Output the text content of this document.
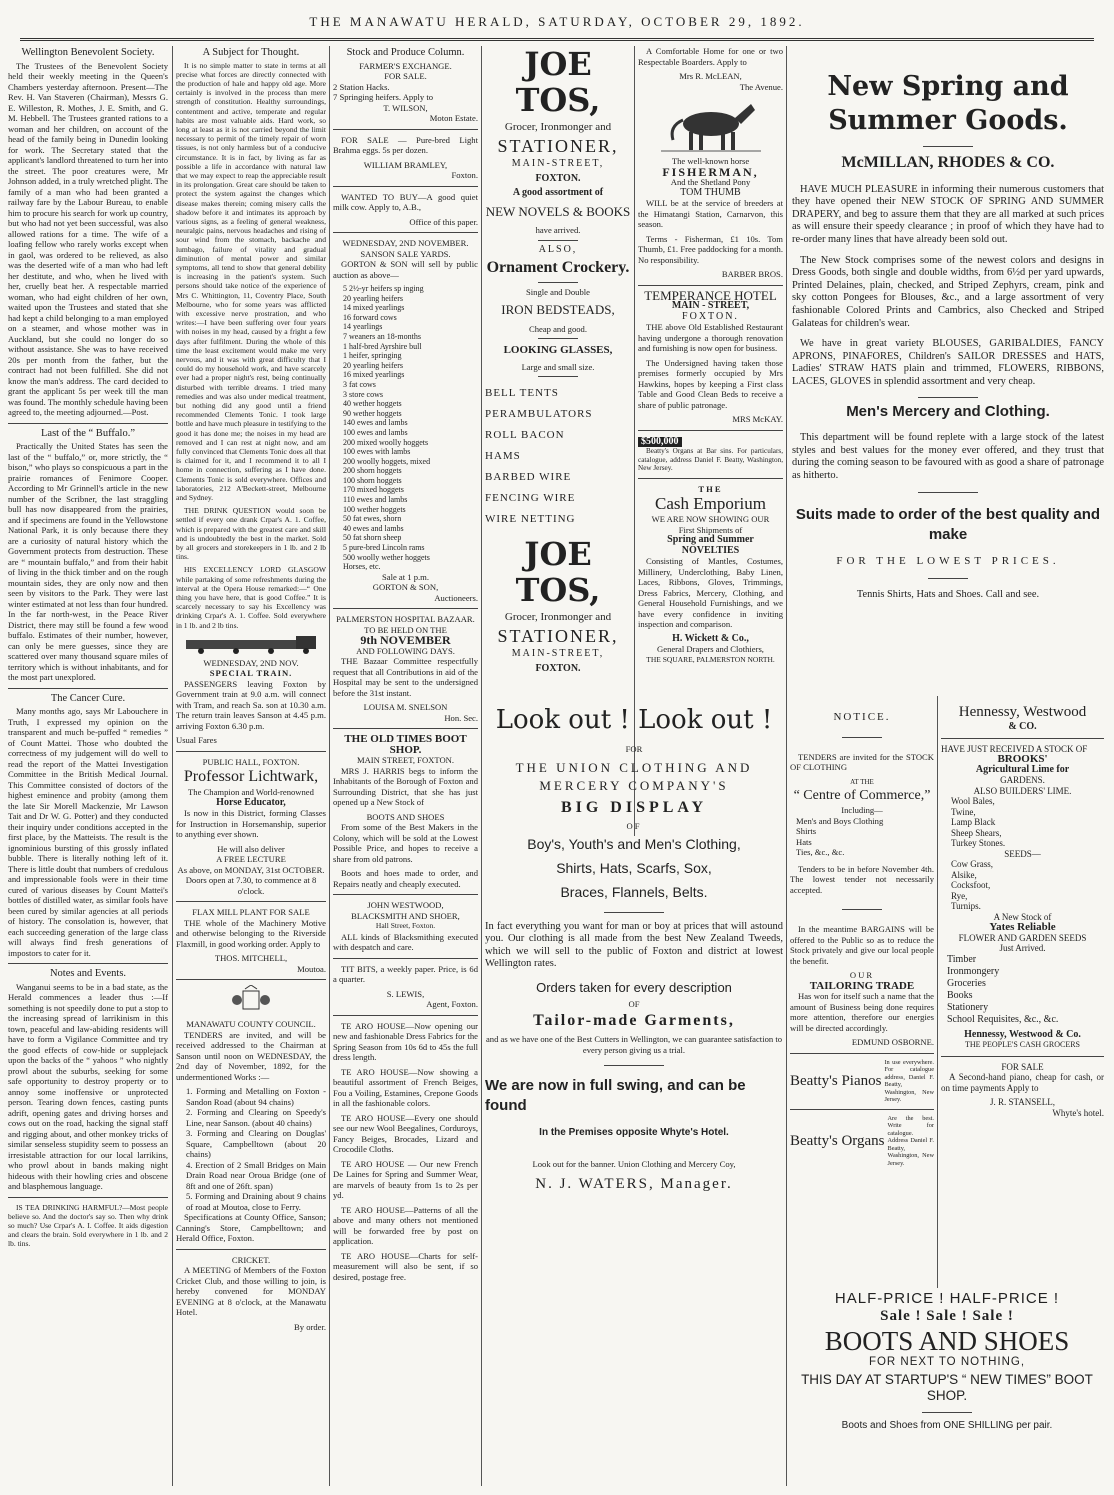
THE MANAWATU HERALD, SATURDAY, OCTOBER 29, 1892.
Wellington Benevolent Society.

The Trustees of the Benevolent Society held their weekly meeting in the Queen's Chambers yesterday afternoon. Present—The Rev. H. Van Staveren (Chairman), Messrs G. E. Willeston, R. Mothes, J. E. Smith, and G. M. Hebbell. The Trustees granted rations to a woman and her children, on account of the head of the family being in Dunedin looking for work. The Secretary stated that the applicant's landlord threatened to turn her into the street. The poor creatures were, Mr Johnson added, in a truly wretched plight. The family of a man who had been granted a railway fare by the Labour Bureau, to enable him to procure his search for work up country, but who had not yet been successful, was also allowed rations for a time. The wife of a loafing fellow who rarely works except when in gaol, was ordered to be relieved, as also was the deserted wife of a man who had left her destitute, and who, when he lived with her, cruelly beat her. A respectable married woman, who had eight children of her own, waited upon the Trustees and stated that she had kept a child belonging to a man employed on a steamer, and whose mother was in Auckland, but she could no longer do so without assistance. She was to have received 20s per month from the father, but the contract had not been fulfilled. She did not know the man's address. The card decided to grant the applicant 5s per week till the man was found. The monthly schedule having been agreed to, the meeting adjourned.—Post.

Last of the “ Buffalo.”

Practically the United States has seen the last of the “ buffalo,” or, more strictly, the “ bison,” who plays so conspicuous a part in the prairie romances of Fenimore Cooper. According to Mr Grinnell's article in the new number of the Scribner, the last straggling bull has now disappeared from the prairies, and if specimens are found in the Yellowstone National Park, it is only because there they are a curiosity of natural history which the Government protects from destruction. These are “ mountain buffalo,” and from their habit of living in the thick timber and on the rough mountain sides, they are only now and then seen by visitors to the Park. They were last winter estimated at not less than four hundred. In the far north-west, in the Peace River District, there may still be found a few wood buffalo. Estimates of their number, however, can only be mere guesses, since they are scattered over many thousand square miles of territory which is without inhabitants, and for the most part unexplored.

The Cancer Cure.

Many months ago, says Mr Labouchere in Truth, I expressed my opinion on the transparent and much be-puffed “ remedies ” of Count Mattei. Those who doubted the correctness of my judgement will do well to read the report of the Mattei Investigation Committee in the British Medical Journal. This Committee consisted of doctors of the highest eminence and probity (among them the late Sir Morell Mackenzie, Mr Lawson Tait and Dr W. G. Potter) and they conducted their inquiry under conditions accepted in the first place, by the Matteists. The result is the ignominious bursting of this grossly inflated bubble. There is literally nothing left of it. There is little doubt that numbers of credulous and impressionable fools were in their time cured of various diseases by Count Mattei's bottles of distilled water, as similar fools have been cured by similar agencies at all periods of history. The consolation is, however, that each succeeding generation of the large class will always find fresh generations of impostors to cater for it.

Notes and Events.

Wanganui seems to be in a bad state, as the Herald commences a leader thus :—If something is not speedily done to put a stop to the increasing spread of larrikinism in this town, peaceful and law-abiding residents will have to form a Vigilance Committee and try the good effects of cow-hide or supplejack upon the backs of the “ yahoos ” who nightly prowl about the suburbs, seeking for some safe opportunity to destroy property or to annoy some inoffensive or unprotected person. Tearing down fences, casting punts adrift, opening gates and driving horses and cows out on the road, hacking the signal staff and rigging about, and other monkey tricks of similar senseless stupidity seem to possess an irresistable attraction for our local larrikins, who prowl about in bands making night hideous with their howling cries and obscene and blasphemous language.

IS TEA DRINKING HARMFUL?—Most people believe so. And the doctor's say so. Then why drink so much? Use Crpar's A. I. Coffee. It aids digestion and clears the brain. Sold everywhere in 1 lb. and 2 lb. tins.

A Subject for Thought.

It is no simple matter to state in terms at all precise what forces are directly connected with the production of hale and happy old age. More certainly is involved in the process than mere strength of constitution. Healthy surroundings, contentment and active, temperate and regular habits are most valuable aids. Hard work, so long at least as it is not carried beyond the limit necessary to permit of the timely repair of worn tissues, is not only harmless but of a conducive circumstance. It is in fact, by living as far as possible a life in accordance with natural law that we may expect to reap the appreciable result in its prolongation. Great care should be taken to protect the system against the changes which disease makes therein; coming misery calls the shadow before it and intimates its approach by various signs, as a feeling of general weakness, neuralgic pains, nervous headaches and rising of sour wind from the stomach, backache and lumbago, failure of vitality and gradual diminution of mental power and similar symptoms, all tend to show that general debility is increasing in the patient's system. Such persons should take notice of the experience of Mrs C. Whittington, 11, Coventry Place, South Melbourne, who for some years was afflicted with excessive nerve prostration, and who writes:—I have been suffering over four years with noises in my head, caused by a fright a few days after fulfilment. During the whole of this time the least excitement would make me very nervous, and it was with great difficulty that I could do my household work, and have scarcely ever had a proper night's rest, being continually disturbed with terrible dreams. I tried many remedies and was also under medical treatment, but nothing did any good until a friend recommended Clements Tonic. I took large bottle and have much pleasure in testifying to the good it has done me; the noises in my head are removed and I can rest at night now, and am fully convinced that Clements Tonic does all that is claimed for it, and I recommend it to all I home in connection, suffering as I have done. Clements Tonic is sold everywhere. Offices and laboratories, 212 A'Beckett-street, Melbourne and Sydney.

THE DRINK QUESTION would soon be settled if every one drank Crpar's A. 1. Coffee, which is prepared with the greatest care and skill and is undoubtedly the best in the market. Sold by all grocers and storekeepers in 1 lb. and 2 lb tins.

HIS EXCELLENCY LORD GLASGOW while partaking of some refreshments during the interval at the Opera House remarked:—“ One thing you have here, that is good Coffee.” It is scarcely necessary to say his Excellency was drinking Crpar's A. 1. Coffee. Sold everywhere in 1 lb. and 2 lb tins.

WEDNESDAY, 2ND NOV.
SPECIAL TRAIN.

PASSENGERS leaving Foxton by Government train at 9.0 a.m. will connect with Tram, and reach Sa. son at 10.30 a.m. The return train leaves Sanson at 4.45 p.m. arriving Foxton 6.30 p.m.

Usual Fares
PUBLIC HALL, FOXTON.
Professor Lichtwark,
The Champion and World-renowned
Horse Educator,

Is now in this District, forming Classes for Instruction in Horsemanship, superior to anything ever shown.

He will also deliver
A FREE LECTURE
As above, on MONDAY, 31st OCTOBER.
Doors open at 7.30, to commence at 8 o'clock.
FLAX MILL PLANT FOR SALE

THE whole of the Machinery Motive and otherwise belonging to the Riverside Flaxmill, in good working order. Apply to

THOS. MITCHELL,
Moutoa.
MANAWATU COUNTY COUNCIL.

TENDERS are invited, and will be received addressed to the Chairman at Sanson until noon on WEDNESDAY, the 2nd day of November, 1892, for the undermentioned Works :—

1. Forming and Metalling on Foxton - Sandon Road (about 94 chains)
2. Forming and Clearing on Speedy's Line, near Sanson. (about 40 chains)
3. Forming and Clearing on Douglas' Square, Campbelltown (about 20 chains)
4. Erection of 2 Small Bridges on Main Drain Road near Oroua Bridge (one of 8ft and one of 26ft. span)
5. Forming and Draining about 9 chains of road at Moutoa, close to Ferry.

Specifications at County Office, Sanson; Canning's Store, Campbelltown; and Herald Office, Foxton.

CRICKET.

A MEETING of Members of the Foxton Cricket Club, and those willing to join, is hereby convened for MONDAY EVENING at 8 o'clock, at the Manawatu Hotel.

By order.
Stock and Produce Column.
FARMER'S EXCHANGE.
FOR SALE.
2 Station Hacks.
7 Springing heifers. Apply to
T. WILSON,
Moton Estate.

FOR SALE — Pure-bred Light Brahma eggs. 5s per dozen.

WILLIAM BRAMLEY,
Foxton.

WANTED TO BUY—A good quiet milk cow. Apply to, A.B.,

Office of this paper.
WEDNESDAY, 2ND NOVEMBER.
SANSON SALE YARDS.

GORTON & SON will sell by public auction as above—

5 2½-yr heifers sp inging
20 yearling heifers
14 mixed yearlings
16 forward cows
14 yearlings
7 weaners an 18-months
1 half-bred Ayrshire bull
1 heifer, springing
20 yearling heifers
16 mixed yearlings
3 fat cows
3 store cows
40 wether hoggets
90 wether hoggets
140 ewes and lambs
100 ewes and lambs
200 mixed woolly hoggets
100 ewes with lambs
200 woolly hoggets, mixed
200 shorn hoggets
100 shorn hoggets
170 mixed hoggets
110 ewes and lambs
100 wether hoggets
50 fat ewes, shorn
40 ewes and lambs
50 fat shorn sheep
5 pure-bred Lincoln rams
500 woolly wether hoggets
Horses, etc.
Sale at 1 p.m.
GORTON & SON,
Auctioneers.
PALMERSTON HOSPITAL BAZAAR.
TO BE HELD ON THE
9th NOVEMBER
AND FOLLOWING DAYS.

THE Bazaar Committee respectfully request that all Contributions in aid of the Hospital may be sent to the undersigned before the 31st instant.

LOUISA M. SNELSON
Hon. Sec.
THE OLD TIMES BOOT SHOP.
MAIN STREET, FOXTON.

MRS J. HARRIS begs to inform the Inhabitants of the Borough of Foxton and Surrounding District, that she has just opened up a New Stock of

BOOTS AND SHOES

From some of the Best Makers in the Colony, which will be sold at the Lowest Possible Price, and hopes to receive a share from old patrons.

Boots and hoes made to order, and Repairs neatly and cheaply executed.

JOHN WESTWOOD,
BLACKSMITH AND SHOER,
Hall Street, Foxton.

ALL kinds of Blacksmithing executed with despatch and care.

TIT BITS, a weekly paper. Price, is 6d a quarter.

S. LEWIS,
Agent, Foxton.

TE ARO HOUSE—Now opening our new and fashionable Dress Fabrics for the Spring Season from 10s 6d to 45s the full dress length.

TE ARO HOUSE—Now showing a beautiful assortment of French Beiges, Fou a Voiling, Estamines, Crepone Goods in all the fashionable colors.

TE ARO HOUSE—Every one should see our new Wool Beegalines, Corduroys, Fancy Beiges, Brocades, Lizard and Crocodile Cloths.

TE ARO HOUSE — Our new French De Laines for Spring and Summer Wear, are marvels of beauty from 1s to 2s per yd.

TE ARO HOUSE—Patterns of all the above and many others not mentioned will be forwarded free by post on application.

TE ARO HOUSE—Charts for self-measurement will also be sent, if so desired, postage free.

JOE TOS,
Grocer, Ironmonger and
STATIONER,
MAIN-STREET,
FOXTON.
A good assortment of
NEW NOVELS & BOOKS
have arrived.
ALSO,
Ornament Crockery.
Single and Double
IRON BEDSTEADS,
Cheap and good.
LOOKING GLASSES,
Large and small size.
BELL TENTS
PERAMBULATORS
ROLL BACON
HAMS
BARBED WIRE
FENCING WIRE
WIRE NETTING
JOE TOS,
Grocer, Ironmonger and
STATIONER,
MAIN-STREET,
FOXTON.

A Comfortable Home for one or two Respectable Boarders. Apply to

Mrs R. McLEAN,
The Avenue.
The well-known horse
FISHERMAN,
And the Shetland Pony
TOM THUMB

WILL be at the service of breeders at the Himatangi Station, Carnarvon, this season.

Terms - Fisherman, £1 10s. Tom Thumb, £1. Free paddocking for a month. No responsibility.

BARBER BROS.
TEMPERANCE HOTEL
MAIN - STREET,
FOXTON.

THE above Old Established Restaurant having undergone a thorough renovation and furnishing is now open for business.

The Undersigned having taken those premises formerly occupied by Mrs Hawkins, hopes by keeping a First class Table and Good Clean Beds to receive a share of public patronage.

MRS McKAY.
$500,000

Beatty's Organs at Bar sins. For particulars, catalogue, address Daniel F. Beatty, Washington, New Jersey.

THE
Cash Emporium
WE ARE NOW SHOWING OUR
First Shipments of
Spring and Summer
NOVELTIES

Consisting of Mantles, Costumes, Millinery, Underclothing, Baby Linen, Laces, Ribbons, Gloves, Trimmings, Dress Fabrics, Mercery, Clothing, and General Household Furnishings, and we have every confidence in inviting inspection and comparison.

H. Wickett & Co.,
General Drapers and Clothiers,
THE SQUARE, PALMERSTON NORTH.
Look out ! Look out !
FOR
THE UNION CLOTHING AND MERCERY COMPANY'S
BIG DISPLAY
OF
Boy's, Youth's and Men's Clothing,
Shirts, Hats, Scarfs, Sox,
Braces, Flannels, Belts.

In fact everything you want for man or boy at prices that will astound you. Our clothing is all made from the best New Zealand Tweeds, which we will sell to the public of Foxton and district at lowest Wellington rates.

Orders taken for every description
OF
Tailor-made Garments,
and as we have one of the Best Cutters in Wellington, we can guarantee satisfaction to every person giving us a trial.
We are now in full swing, and can be found
In the Premises opposite Whyte's Hotel.
Look out for the banner. Union Clothing and Mercery Coy,
N. J. WATERS, Manager.
New Spring and
Summer Goods.
McMILLAN, RHODES & CO.

HAVE MUCH PLEASURE in informing their numerous customers that they have opened their NEW STOCK OF SPRING AND SUMMER DRAPERY, and beg to assure them that they are all marked at such prices as will ensure their speedy clearance ; in proof of which they have had to re-order many lines that have already been sold out.

The New Stock comprises some of the newest colors and designs in Dress Goods, both single and double widths, from 6½d per yard upwards, Printed Delaines, plain, checked, and Striped Zephyrs, cream, pink and sky cotton Pongees for Blouses, &c., and a large assortment of very fashionable Colored Prints and Cambrics, also Checked and Striped Galateas for children's wear.

We have in great variety BLOUSES, GARIBALDIES, FANCY APRONS, PINAFORES, Children's SAILOR DRESSES and HATS, Ladies' STRAW HATS plain and trimmed, FLOWERS, RIBBONS, LACES, GLOVES in splendid assortment and very cheap.

Men's Mercery and Clothing.

This department will be found replete with a large stock of the latest styles and best values for the money ever offered, and they trust that during the coming season to be favoured with as good a share of patronage as hitherto.

Suits made to order of the best quality and make
FOR THE LOWEST PRICES.
Tennis Shirts, Hats and Shoes. Call and see.
NOTICE.

TENDERS are invited for the STOCK OF CLOTHING

AT THE
“ Centre of Commerce,”
Including—
Men's and Boys Clothing
Shirts
Hats
Ties, &c., &c.

Tenders to be in before November 4th. The lowest tender not necessarily accepted.

In the meantime BARGAINS will be offered to the Public so as to reduce the Stock privately and give our local people the benefit.

OUR
TAILORING TRADE

Has won for itself such a name that the amount of Business being done requires more attention, therefore our energies will be directed accordingly.

EDMUND OSBORNE.
Beatty's Pianos
In use everywhere. For catalogue address, Daniel F. Beatty, Washington, New Jersey.
Beatty's Organs
Are the best. Write for catalogue. Address Daniel F. Beatty, Washington, New Jersey.
Hennessy, Westwood
& CO.
HAVE JUST RECEIVED A STOCK OF
BROOKS'
Agricultural Lime for
GARDENS.
ALSO BUILDERS' LIME.
Wool Bales,
Twine,
Lamp Black
Sheep Shears,
Turkey Stones.
SEEDS—
Cow Grass,
Alsike,
Cocksfoot,
Rye,
Turnips.
A New Stock of
Yates Reliable
FLOWER AND GARDEN SEEDS
Just Arrived.
Timber
Ironmongery
Groceries
Books
Stationery
School Requisites, &c., &c.
Hennessy, Westwood & Co.
THE PEOPLE'S CASH GROCERS
FOR SALE

A Second-hand piano, cheap for cash, or on time payments Apply to

J. R. STANSELL,
Whyte's hotel.
HALF-PRICE ! HALF-PRICE !
Sale ! Sale ! Sale !
BOOTS AND SHOES
FOR NEXT TO NOTHING,
THIS DAY AT STARTUP'S “ NEW TIMES” BOOT SHOP.
Boots and Shoes from ONE SHILLING per pair.
